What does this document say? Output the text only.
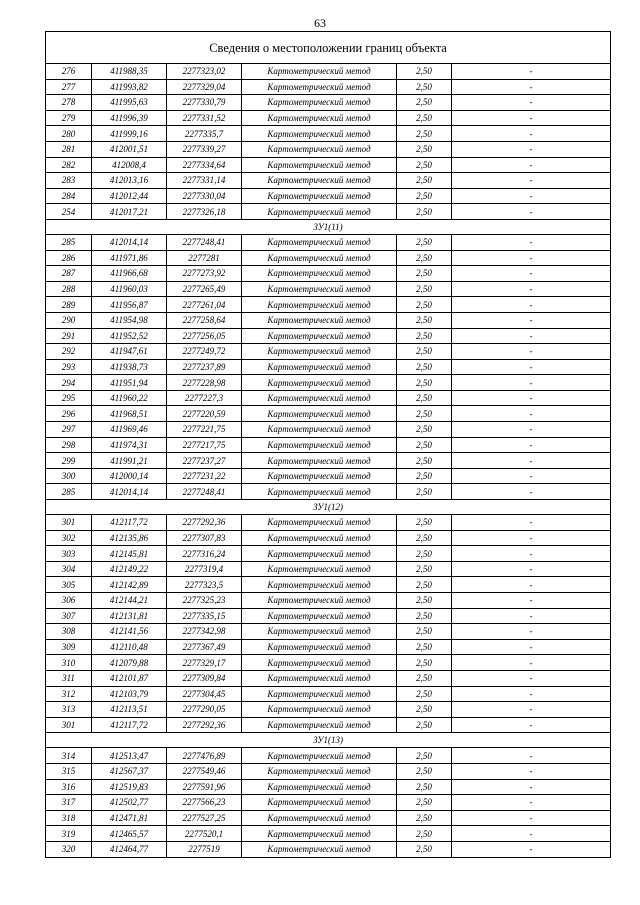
63
Сведения о местоположении границ объекта					
276	411988,35	2277323,02	Картометрический метод	2,50	-
277	411993,82	2277329,04	Картометрический метод	2,50	-
278	411995,63	2277330,79	Картометрический метод	2,50	-
279	411996,39	2277331,52	Картометрический метод	2,50	-
280	411999,16	2277335,7	Картометрический метод	2,50	-
281	412001,51	2277339,27	Картометрический метод	2,50	-
282	412008,4	2277334,64	Картометрический метод	2,50	-
283	412013,16	2277331,14	Картометрический метод	2,50	-
284	412012,44	2277330,04	Картометрический метод	2,50	-
254	412017,21	2277326,18	Картометрический метод	2,50	-
ЗУ1(11)					
285	412014,14	2277248,41	Картометрический метод	2,50	-
286	411971,86	2277281	Картометрический метод	2,50	-
287	411966,68	2277273,92	Картометрический метод	2,50	-
288	411960,03	2277265,49	Картометрический метод	2,50	-
289	411956,87	2277261,04	Картометрический метод	2,50	-
290	411954,98	2277258,64	Картометрический метод	2,50	-
291	411952,52	2277256,05	Картометрический метод	2,50	-
292	411947,61	2277249,72	Картометрический метод	2,50	-
293	411938,73	2277237,89	Картометрический метод	2,50	-
294	411951,94	2277228,98	Картометрический метод	2,50	-
295	411960,22	2277227,3	Картометрический метод	2,50	-
296	411968,51	2277220,59	Картометрический метод	2,50	-
297	411969,46	2277221,75	Картометрический метод	2,50	-
298	411974,31	2277217,75	Картометрический метод	2,50	-
299	411991,21	2277237,27	Картометрический метод	2,50	-
300	412000,14	2277231,22	Картометрический метод	2,50	-
285	412014,14	2277248,41	Картометрический метод	2,50	-
ЗУ1(12)					
301	412117,72	2277292,36	Картометрический метод	2,50	-
302	412135,86	2277307,83	Картометрический метод	2,50	-
303	412145,81	2277316,24	Картометрический метод	2,50	-
304	412149,22	2277319,4	Картометрический метод	2,50	-
305	412142,89	2277323,5	Картометрический метод	2,50	-
306	412144,21	2277325,23	Картометрический метод	2,50	-
307	412131,81	2277335,15	Картометрический метод	2,50	-
308	412141,56	2277342,98	Картометрический метод	2,50	-
309	412110,48	2277367,49	Картометрический метод	2,50	-
310	412079,88	2277329,17	Картометрический метод	2,50	-
311	412101,87	2277309,84	Картометрический метод	2,50	-
312	412103,79	2277304,45	Картометрический метод	2,50	-
313	412113,51	2277290,05	Картометрический метод	2,50	-
301	412117,72	2277292,36	Картометрический метод	2,50	-
ЗУ1(13)					
314	412513,47	2277476,89	Картометрический метод	2,50	-
315	412567,37	2277549,46	Картометрический метод	2,50	-
316	412519,83	2277591,96	Картометрический метод	2,50	-
317	412502,77	2277566,23	Картометрический метод	2,50	-
318	412471,81	2277527,25	Картометрический метод	2,50	-
319	412465,57	2277520,1	Картометрический метод	2,50	-
320	412464,77	2277519	Картометрический метод	2,50	-
